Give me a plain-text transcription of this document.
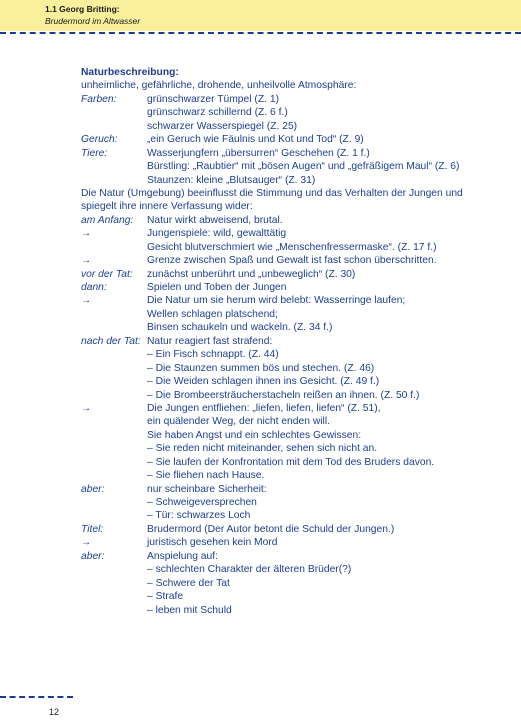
1.1 Georg Britting:
Brudermord im Altwasser
Naturbeschreibung:
unheimliche, gefährliche, drohende, unheilvolle Atmosphäre:
Farben:	grünschwarzer Tümpel (Z. 1)
grünschwarz schillernd (Z. 6 f.)
schwarzer Wasserspiegel (Z. 25)
Geruch:	„ein Geruch wie Fäulnis und Kot und Tod“ (Z. 9)
Tiere:	Wasserjungfern „übersurren“ Geschehen (Z. 1 f.)
Bürstling: „Raubtier“ mit „bösen Augen“ und „gefräßigem Maul“ (Z. 6)
Staunzen: kleine „Blutsauger“ (Z. 31)
Die Natur (Umgebung) beeinflusst die Stimmung und das Verhalten der Jungen und
spiegelt ihre innere Verfassung wider:
am Anfang: Natur wirkt abweisend, brutal.
→	Jungenspiele: wild, gewalttätig
Gesicht blutverschmiert wie „Menschenfressermaske“. (Z. 17 f.)
→	Grenze zwischen Spaß und Gewalt ist fast schon überschritten.
vor der Tat: zunächst unberührt und „unbeweglich“ (Z. 30)
dann:	Spielen und Toben der Jungen
→	Die Natur um sie herum wird belebt: Wasserringe laufen;
Wellen schlagen platschend;
Binsen schaukeln und wackeln. (Z. 34 f.)
nach der Tat: Natur reagiert fast strafend:
– Ein Fisch schnappt. (Z. 44)
– Die Staunzen summen bös und stechen. (Z. 46)
– Die Weiden schlagen ihnen ins Gesicht. (Z. 49 f.)
– Die Brombeersträucherstacheln reißen an ihnen. (Z. 50 f.)
→	Die Jungen entfliehen: „liefen, liefen, liefen“ (Z. 51),
ein quälender Weg, der nicht enden will.
Sie haben Angst und ein schlechtes Gewissen:
– Sie reden nicht miteinander, sehen sich nicht an.
– Sie laufen der Konfrontation mit dem Tod des Bruders davon.
– Sie fliehen nach Hause.
aber:	nur scheinbare Sicherheit:
– Schweigeversprechen
– Tür: schwarzes Loch
Titel:	Brudermord (Der Autor betont die Schuld der Jungen.)
→	juristisch gesehen kein Mord
aber:	Anspielung auf:
– schlechten Charakter der älteren Brüder(?)
– Schwere der Tat
– Strafe
– leben mit Schuld
12
